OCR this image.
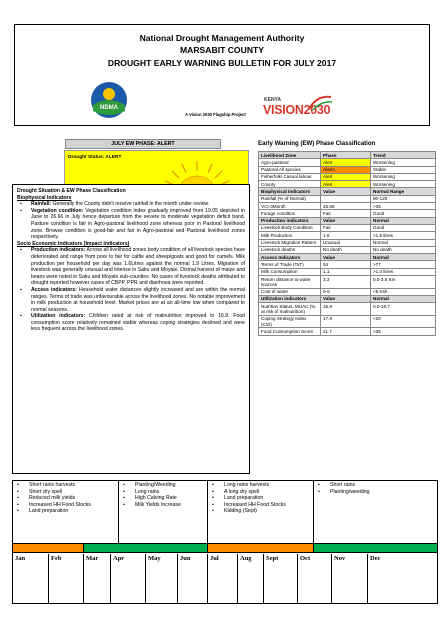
National Drought Management Authority
MARSABIT COUNTY
DROUGHT EARLY WARNING BULLETIN FOR JULY 2017
NDMA
A Vision 2030 Flagship Project
KENYA
VISION2030
JULY EW PHASE: ALERT
Drought Status: ALERT
Drought Situation & EW Phase Classification
Biophysical Indicators
▪ Rainfall: Generally the County didn't receive rainfall in the month under review.
▪ Vegetation condition: Vegetation condition index gradually improved from 19.05 depicted in June to 26.66 in July hence departure from the severe to moderate vegetation deficit band. Pasture condition is fair in Agro-pastoral livelihood zone whereas poor in Pastoral livelihood zone. Browse condition is good-fair and fair in Agro-pastoral and Pastoral livelihood zones respectively.
Socio Economic Indicators (Impact Indicators)
▪ Production indicators: Across all livelihood zones body condition of all livestock species have deteriorated and range from poor to fair for cattle and sheep/goats and good for camels. Milk production per household per day was 1.6Litres against the normal 1.9 Litres. Migration of livestock was generally unusual and intense in Saku and Moyale. Dismal harvest of maize and beans were noted in Saku and Moyale sub-counties. No cases of livestock deaths attributed to drought reported however cases of CBPP, PPR and diarrhoea were reported.
▪ Access indicators: Household water distances slightly increased and are within the normal ranges. Terms of trade was unfavourable across the livelihood zones. No notable improvement in milk production at household level. Market prices are at an all-time low when compared to normal seasons.
▪ Utilization indicators: Children rated at risk of malnutrition improved to 16.8. Food consumption score relatively remained stable whereas coping strategies declined and were less frequent across the livelihood zones.
Early Warning (EW) Phase Classification
Livelihood Zone	Phase	Trend
Agro-pastoral	Alert	Worsening
Pastoral All species	Alarm	Stable
Fisherfolk/ Casual labour	Alert	Worsening
County	Alert	Worsening
Biophysical Indicators	Value	Normal Range
Rainfall (% of Normal)		80-120
VCI-3Month	26.66	>35
Forage condition	Fair	Good
Production indicators	Value	Normal
Livestock Body Condition	Fair	Good
Milk Production	1.6	>1.9 litres
Livestock Migration Pattern	Unusual	Normal
Livestock deaths	No death	No death
Access Indicators	Value	Normal
Terms of Trade (ToT)	54	>77
Milk Consumption	1.1	>1.3 litres
Return distance to water sources	3.3	0.0-3.5 Km
Cost of water	0-5	<5 Ksh
Utilization indicators	Value	Normal
Nutrition Status, MUAC (% at risk of malnutrition)	16.8	0.0-18.7
Coping Strategy Index (CSI)	17.9	<20
Food Consumption Score	21.7	>35
▪ Short rains harvests
▪ Short dry spell
▪ Reduced milk yields
▪ Increased HH Food Stocks
▪ Land preparation
▪ Planting/Weeding
▪ Long rains
▪ High Calving Rate
▪ Milk Yields Increase
▪ Long rains harvests
▪ A long dry spell
▪ Land preparation
▪ Increased HH Food Stocks
▪ Kidding (Sept)
▪ Short rains
▪ Planting/weeding
Jan	Feb	Mar	Apr	May	Jun	Jul	Aug	Sept	Oct	Nov	Dec
